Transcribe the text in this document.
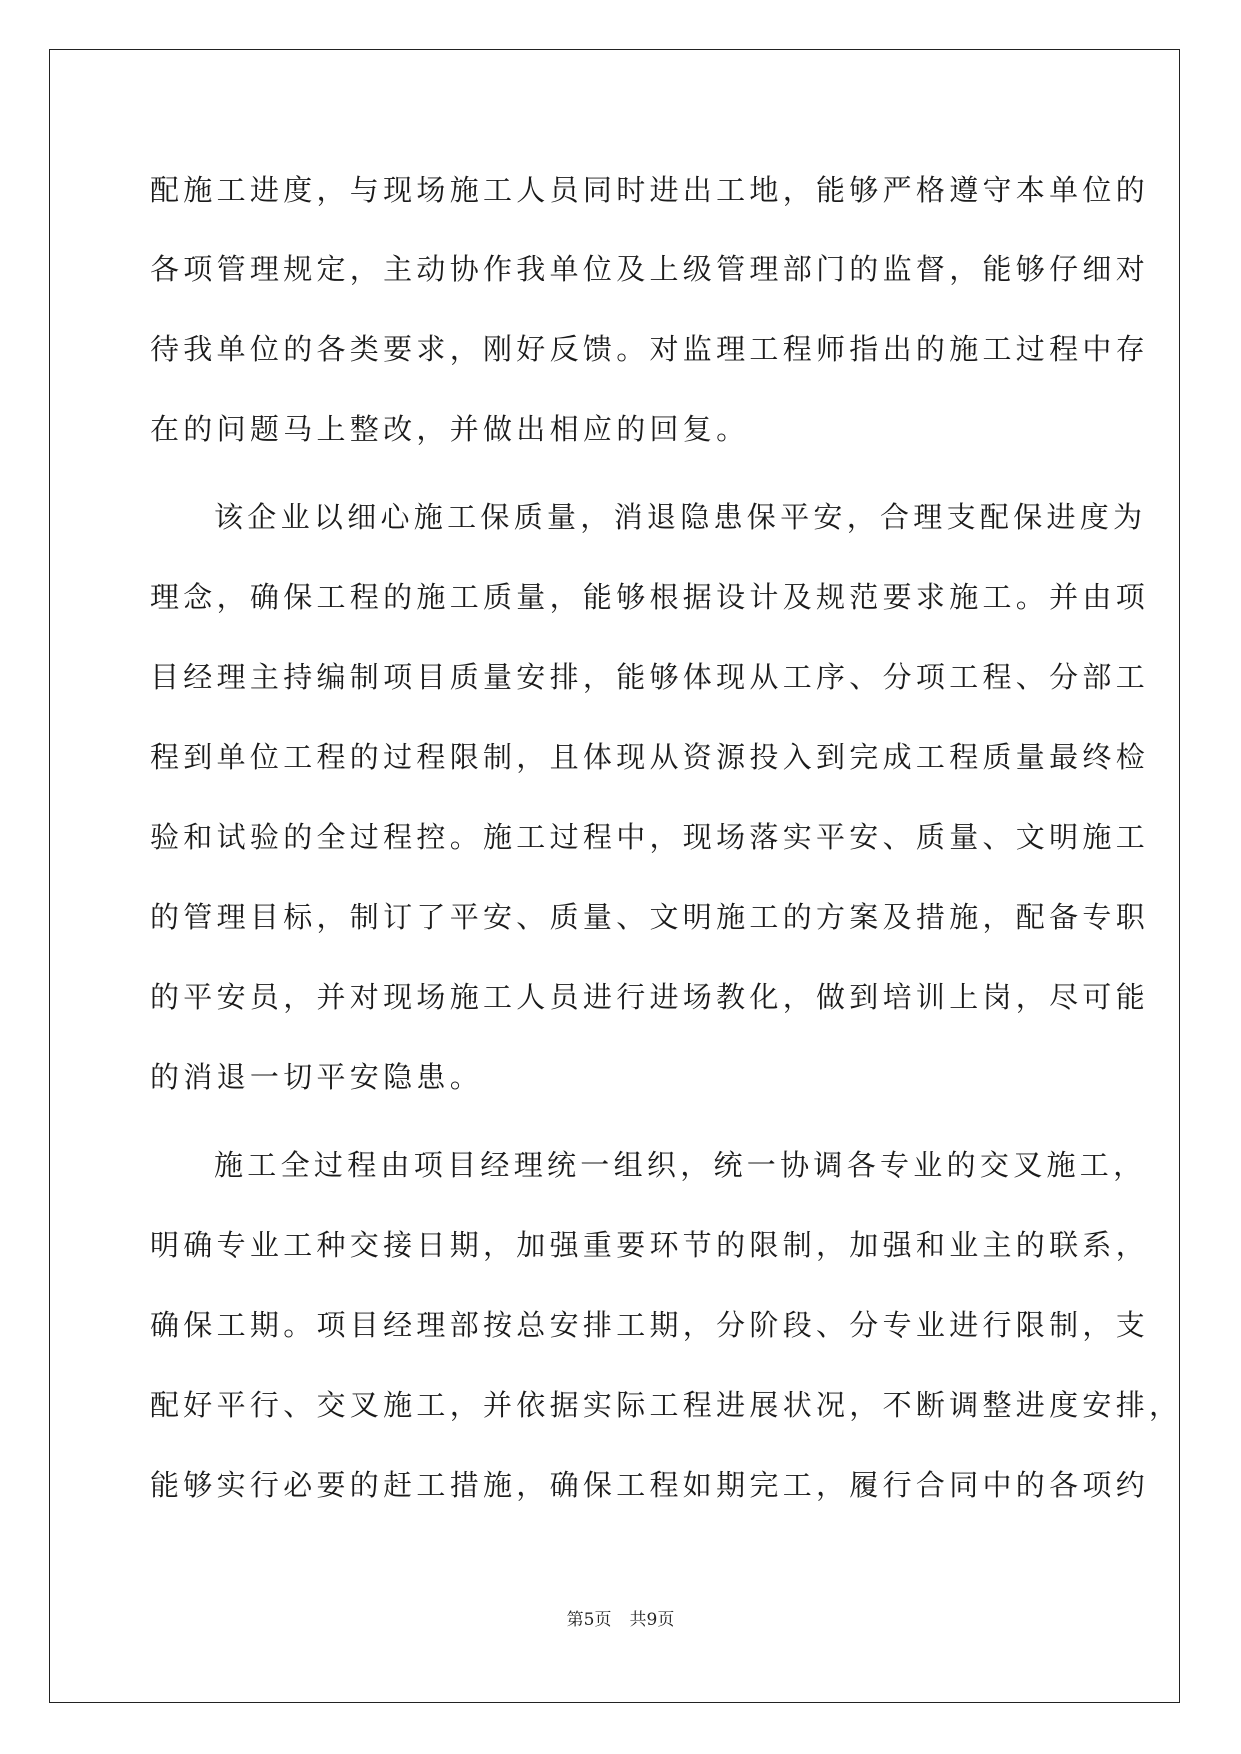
配施工进度，与现场施工人员同时进出工地，能够严格遵守本单位的
各项管理规定，主动协作我单位及上级管理部门的监督，能够仔细对
待我单位的各类要求，刚好反馈。对监理工程师指出的施工过程中存
在的问题马上整改，并做出相应的回复。
该企业以细心施工保质量，消退隐患保平安，合理支配保进度为
理念，确保工程的施工质量，能够根据设计及规范要求施工。并由项
目经理主持编制项目质量安排，能够体现从工序、分项工程、分部工
程到单位工程的过程限制，且体现从资源投入到完成工程质量最终检
验和试验的全过程控。施工过程中，现场落实平安、质量、文明施工
的管理目标，制订了平安、质量、文明施工的方案及措施，配备专职
的平安员，并对现场施工人员进行进场教化，做到培训上岗，尽可能
的消退一切平安隐患。
施工全过程由项目经理统一组织，统一协调各专业的交叉施工，
明确专业工种交接日期，加强重要环节的限制，加强和业主的联系，
确保工期。项目经理部按总安排工期，分阶段、分专业进行限制，支
配好平行、交叉施工，并依据实际工程进展状况，不断调整进度安排，
能够实行必要的赶工措施，确保工程如期完工，履行合同中的各项约
第5页 共9页
